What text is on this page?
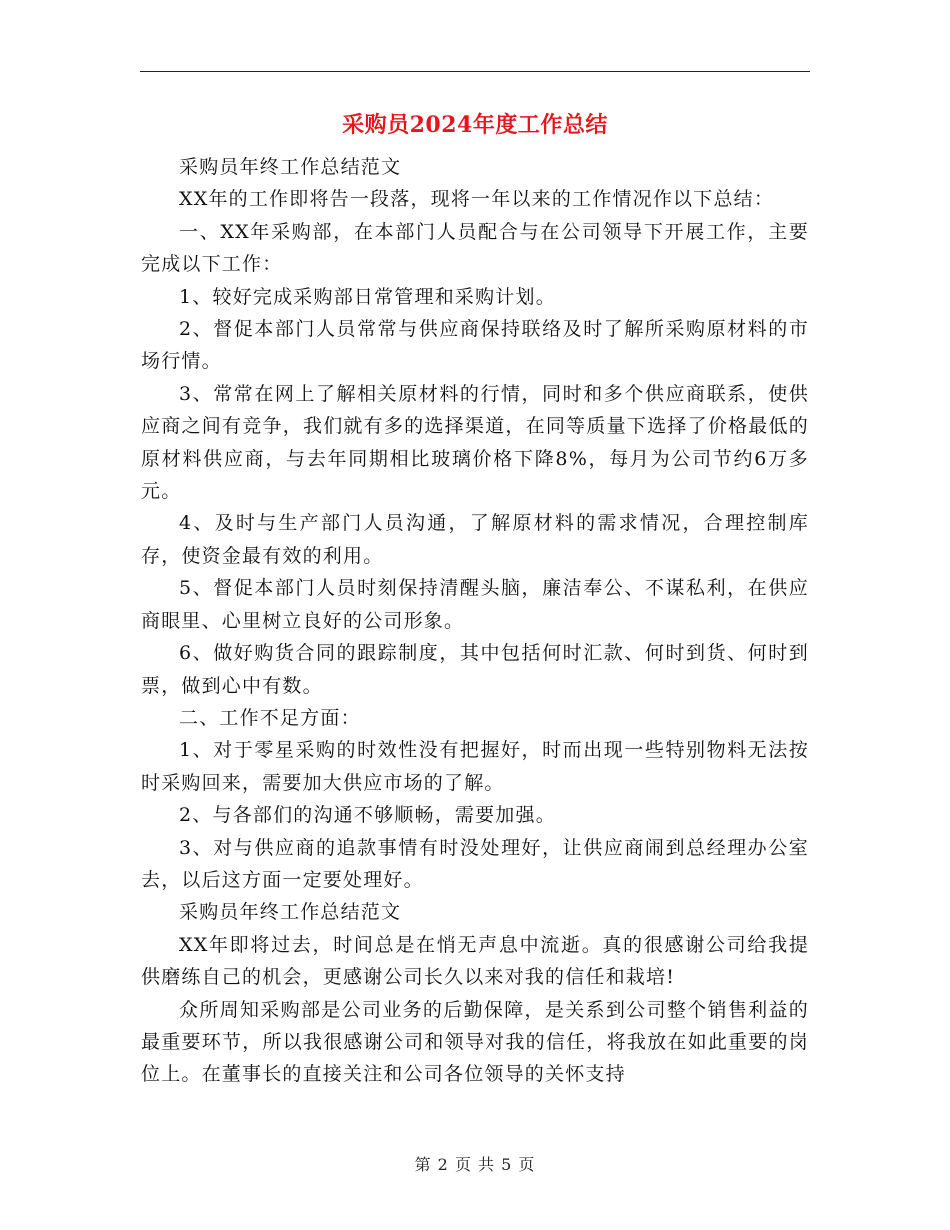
采购员2024年度工作总结

采购员年终工作总结范文

XX年的工作即将告一段落，现将一年以来的工作情况作以下总结：

一、XX年采购部，在本部门人员配合与在公司领导下开展工作，主要完成以下工作：

1、较好完成采购部日常管理和采购计划。

2、督促本部门人员常常与供应商保持联络及时了解所采购原材料的市场行情。

3、常常在网上了解相关原材料的行情，同时和多个供应商联系，使供应商之间有竞争，我们就有多的选择渠道，在同等质量下选择了价格最低的原材料供应商，与去年同期相比玻璃价格下降8%，每月为公司节约6万多元。

4、及时与生产部门人员沟通，了解原材料的需求情况，合理控制库存，使资金最有效的利用。

5、督促本部门人员时刻保持清醒头脑，廉洁奉公、不谋私利，在供应商眼里、心里树立良好的公司形象。

6、做好购货合同的跟踪制度，其中包括何时汇款、何时到货、何时到票，做到心中有数。

二、工作不足方面：

1、对于零星采购的时效性没有把握好，时而出现一些特别物料无法按时采购回来，需要加大供应市场的了解。

2、与各部们的沟通不够顺畅，需要加强。

3、对与供应商的追款事情有时没处理好，让供应商闹到总经理办公室去，以后这方面一定要处理好。

采购员年终工作总结范文

XX年即将过去，时间总是在悄无声息中流逝。真的很感谢公司给我提供磨练自己的机会，更感谢公司长久以来对我的信任和栽培!

众所周知采购部是公司业务的后勤保障，是关系到公司整个销售利益的最重要环节，所以我很感谢公司和领导对我的信任，将我放在如此重要的岗位上。在董事长的直接关注和公司各位领导的关怀支持

第 2 页 共 5 页
